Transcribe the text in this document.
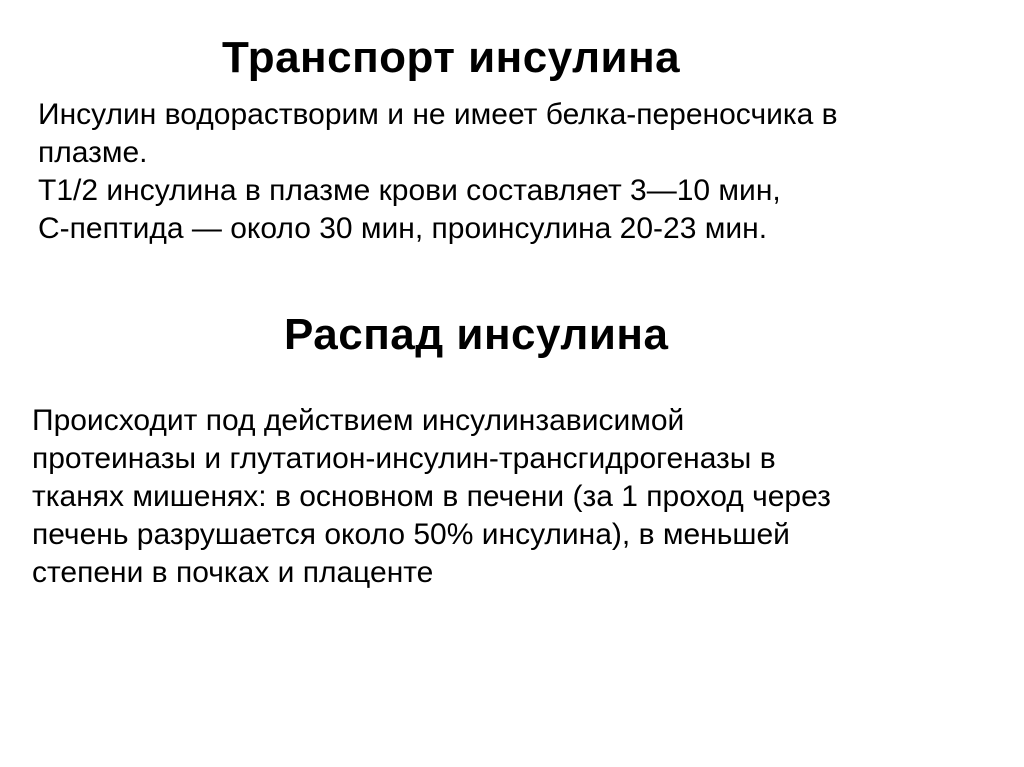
Транспорт инсулина
Инсулин водорастворим и не имеет белка-переносчика в
плазме.
Т1/2 инсулина в плазме крови составляет 3—10 мин,
С-пептида — около 30 мин, проинсулина 20-23 мин.
Распад инсулина
Происходит под действием инсулинзависимой
протеиназы и глутатион-инсулин-трансгидрогеназы в
тканях мишенях: в основном в печени (за 1 проход через
печень разрушается около 50% инсулина), в меньшей
степени в почках и плаценте
